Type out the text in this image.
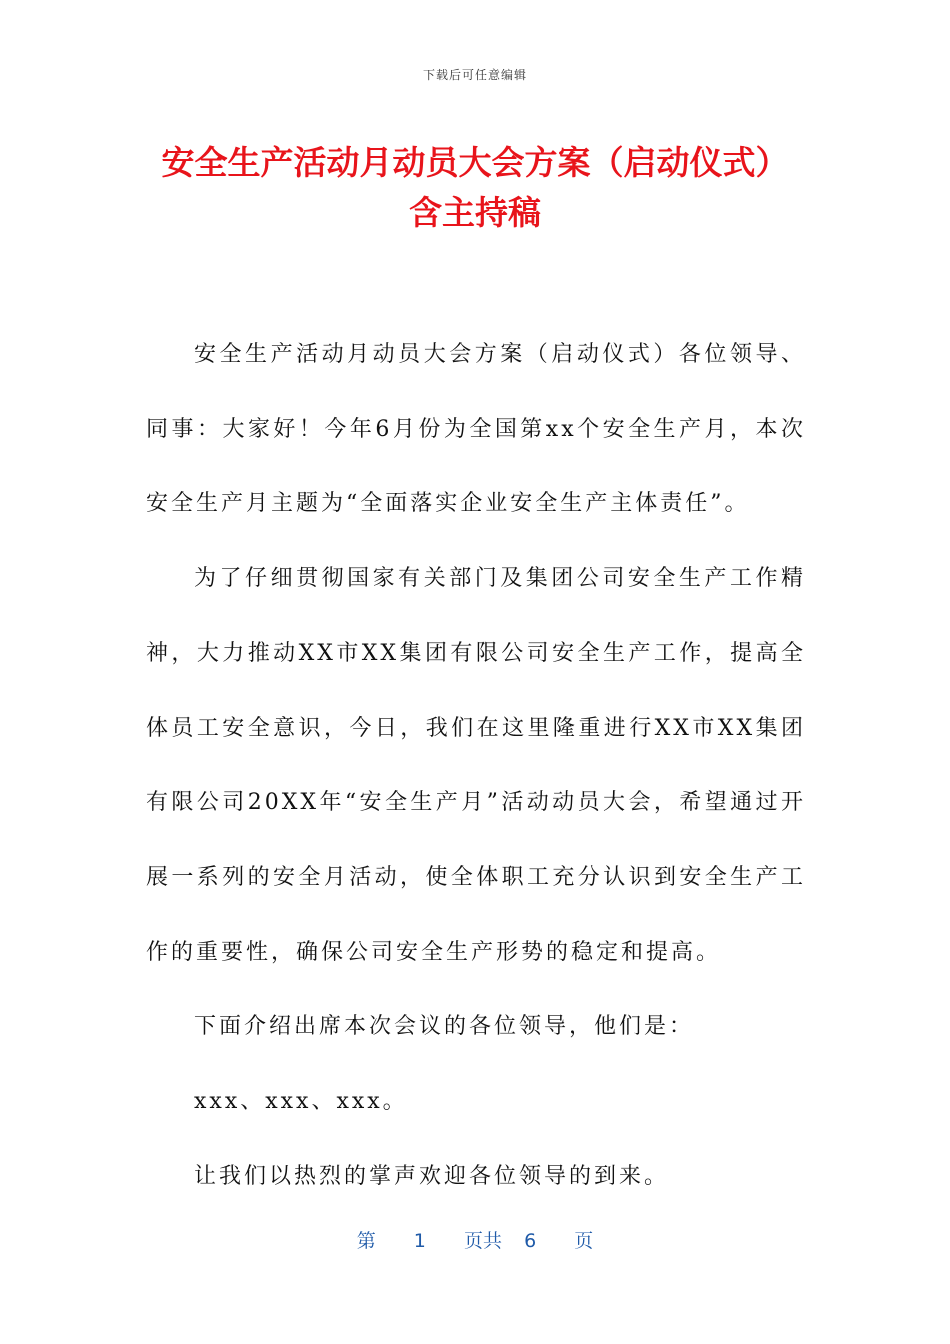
下载后可任意编辑
安全生产活动月动员大会方案（启动仪式）
含主持稿

安全生产活动月动员大会方案（启动仪式）各位领导、同事：大家好！今年6月份为全国第xx个安全生产月，本次安全生产月主题为“全面落实企业安全生产主体责任”。

为了仔细贯彻国家有关部门及集团公司安全生产工作精神，大力推动XX市XX集团有限公司安全生产工作，提高全体员工安全意识，今日，我们在这里隆重进行XX市XX集团有限公司20XX年“安全生产月”活动动员大会，希望通过开展一系列的安全月活动，使全体职工充分认识到安全生产工作的重要性，确保公司安全生产形势的稳定和提高。

下面介绍出席本次会议的各位领导，他们是：

xxx、xxx、xxx。

让我们以热烈的掌声欢迎各位领导的到来。

第 1 页共 6 页
